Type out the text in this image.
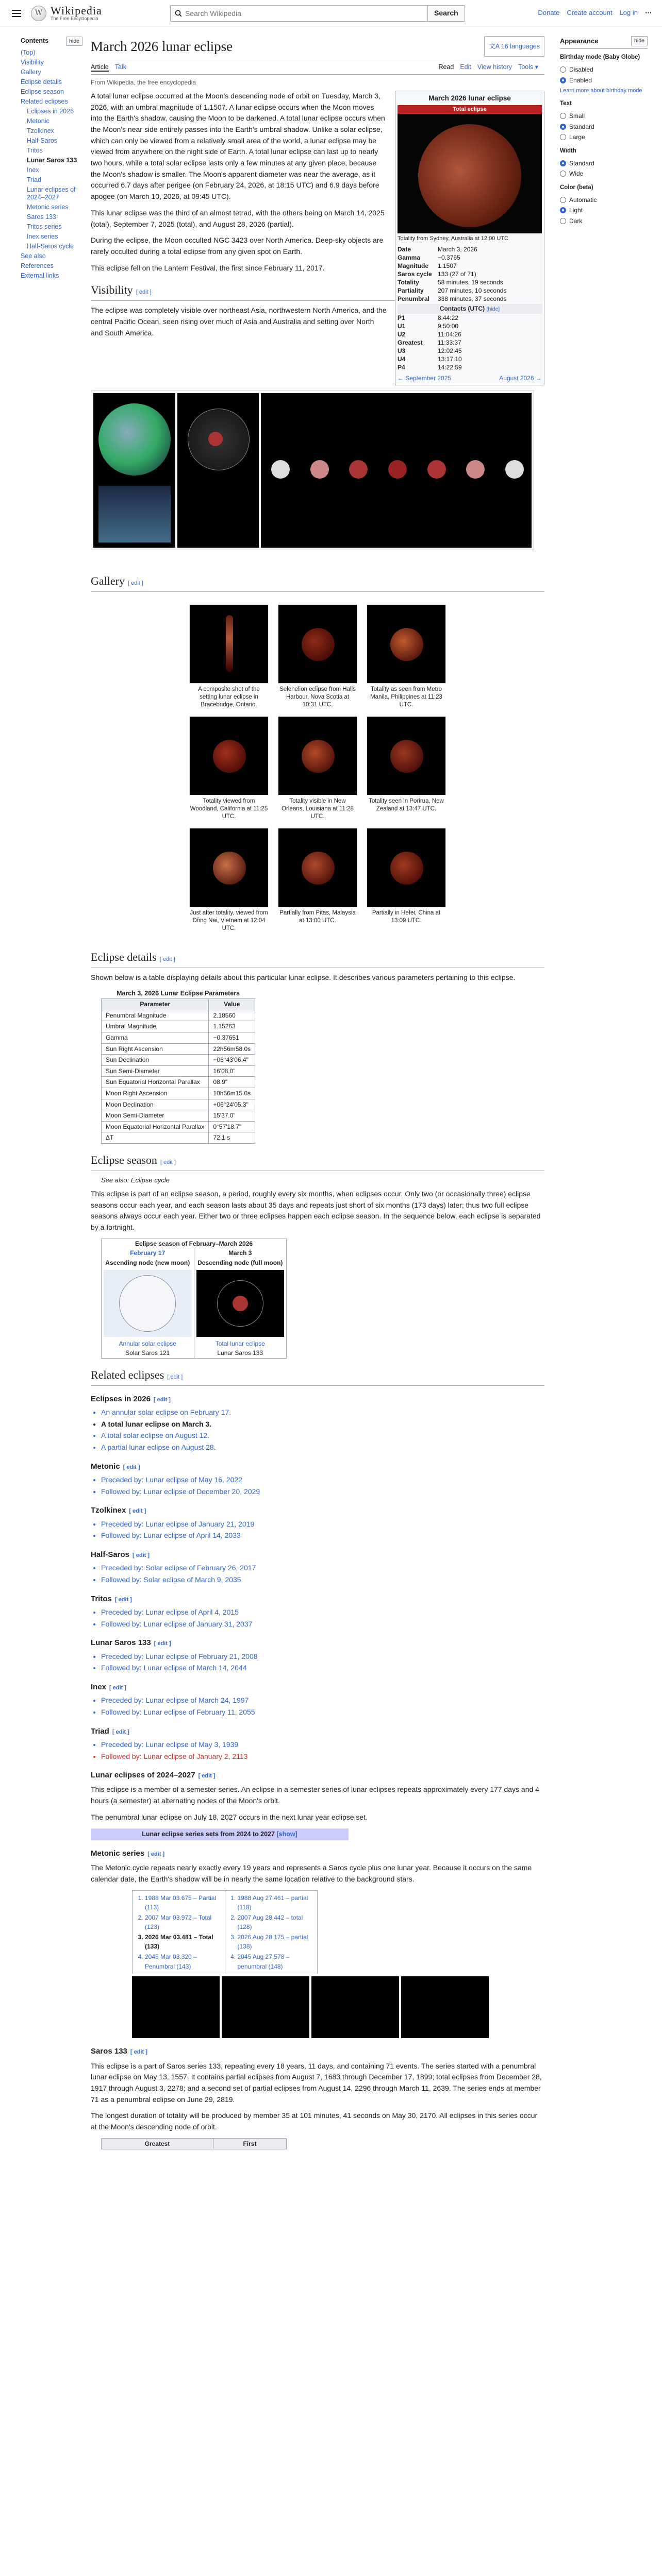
W Wikipedia
The Free Encyclopedia
Search Wikipedia
Search	Donate Create account Log in ⋯
Contents	hide
(Top)
Visibility
Gallery
Eclipse details
Eclipse season
Related eclipses
Eclipses in 2026
Metonic
Tzolkinex
Half-Saros
Tritos
Lunar Saros 133
Inex
Triad
Lunar eclipses of 2024–2027
Metonic series
Saros 133
Tritos series
Inex series
Half-Saros cycle
See also
References
External links
Appearance	hide
Birthday mode (Baby Globe)
Disabled
Enabled
Learn more about birthday mode
Text
Small
Standard
Large
Width
Standard
Wide
Color (beta)
Automatic
Light
Dark
March 2026 lunar eclipse	文A 16 languages
Article Talk	Read Edit View history Tools ▾
From Wikipedia, the free encyclopedia
March 2026 lunar eclipse
Total eclipse
Totality from Sydney, Australia at 12:00 UTC
Date	March 3, 2026
Gamma	−0.3765
Magnitude	1.1507
Saros cycle 133 (27 of 71)
Totality	58 minutes, 19 seconds
Partiality	207 minutes, 10 seconds
Penumbral	338 minutes, 37 seconds
Contacts (UTC) [hide]
P1	8:44:22
U1	9:50:00
U2	11:04:26
Greatest	11:33:37
U3	12:02:45
U4	13:17:10
P4	14:22:59
← September 2025	August 2026 →

A total lunar eclipse occurred at the Moon's descending node of orbit on Tuesday, March 3, 2026, with an umbral magnitude of 1.1507. A lunar eclipse occurs when the Moon moves into the Earth's shadow, causing the Moon to be darkened. A total lunar eclipse occurs when the Moon's near side entirely passes into the Earth's umbral shadow. Unlike a solar eclipse, which can only be viewed from a relatively small area of the world, a lunar eclipse may be viewed from anywhere on the night side of Earth. A total lunar eclipse can last up to nearly two hours, while a total solar eclipse lasts only a few minutes at any given place, because the Moon's shadow is smaller. The Moon's apparent diameter was near the average, as it occurred 6.7 days after perigee (on February 24, 2026, at 18:15 UTC) and 6.9 days before apogee (on March 10, 2026, at 09:45 UTC).

This lunar eclipse was the third of an almost tetrad, with the others being on March 14, 2025 (total), September 7, 2025 (total), and August 28, 2026 (partial).

During the eclipse, the Moon occulted NGC 3423 over North America. Deep-sky objects are rarely occulted during a total eclipse from any given spot on Earth.

This eclipse fell on the Lantern Festival, the first since February 11, 2017.

Visibility [ edit ]

The eclipse was completely visible over northeast Asia, northwestern North America, and the central Pacific Ocean, seen rising over much of Asia and Australia and setting over North and South America.

Gallery [ edit ]
A composite shot of the setting lunar eclipse in Bracebridge, Ontario.
Selenelion eclipse from Halls Harbour, Nova Scotia at 10:31 UTC.
Totality as seen from Metro Manila, Philippines at 11:23 UTC.
Totality viewed from Woodland, California at 11:25 UTC.
Totality visible in New Orleans, Louisiana at 11:28 UTC.
Totality seen in Porirua, New Zealand at 13:47 UTC.
Just after totality, viewed from Đồng Nai, Vietnam at 12:04 UTC.
Partially from Pitas, Malaysia at 13:00 UTC.
Partially in Hefei, China at 13:09 UTC.
Eclipse details [ edit ]

Shown below is a table displaying details about this particular lunar eclipse. It describes various parameters pertaining to this eclipse.

March 3, 2026 Lunar Eclipse Parameters
Parameter	Value
Penumbral Magnitude	2.18560
Umbral Magnitude	1.15263
Gamma	−0.37651
Sun Right Ascension	22h56m58.0s
Sun Declination	−06°43'06.4"
Sun Semi-Diameter	16'08.0"
Sun Equatorial Horizontal Parallax	08.9"
Moon Right Ascension	10h56m15.0s
Moon Declination	+06°24'05.3"
Moon Semi-Diameter	15'37.0"
Moon Equatorial Horizontal Parallax	0°57'18.7"
ΔT	72.1 s
Eclipse season [ edit ]
See also: Eclipse cycle

This eclipse is part of an eclipse season, a period, roughly every six months, when eclipses occur. Only two (or occasionally three) eclipse seasons occur each year, and each season lasts about 35 days and repeats just short of six months (173 days) later; thus two full eclipse seasons always occur each year. Either two or three eclipses happen each eclipse season. In the sequence below, each eclipse is separated by a fortnight.

Eclipse season of February–March 2026
February 17
Ascending node (new moon)
Annular solar eclipse
Solar Saros 121
March 3
Descending node (full moon)
Total lunar eclipse
Lunar Saros 133
Related eclipses [ edit ]
Eclipses in 2026 [ edit ]
• An annular solar eclipse on February 17.
• A total lunar eclipse on March 3.
• A total solar eclipse on August 12.
• A partial lunar eclipse on August 28.
Metonic [ edit ]
• Preceded by: Lunar eclipse of May 16, 2022
• Followed by: Lunar eclipse of December 20, 2029
Tzolkinex [ edit ]
• Preceded by: Lunar eclipse of January 21, 2019
• Followed by: Lunar eclipse of April 14, 2033
Half-Saros [ edit ]
• Preceded by: Solar eclipse of February 26, 2017
• Followed by: Solar eclipse of March 9, 2035
Tritos [ edit ]
• Preceded by: Lunar eclipse of April 4, 2015
• Followed by: Lunar eclipse of January 31, 2037
Lunar Saros 133 [ edit ]
• Preceded by: Lunar eclipse of February 21, 2008
• Followed by: Lunar eclipse of March 14, 2044
Inex [ edit ]
• Preceded by: Lunar eclipse of March 24, 1997
• Followed by: Lunar eclipse of February 11, 2055
Triad [ edit ]
• Preceded by: Lunar eclipse of May 3, 1939
• Followed by: Lunar eclipse of January 2, 2113
Lunar eclipses of 2024–2027 [ edit ]

This eclipse is a member of a semester series. An eclipse in a semester series of lunar eclipses repeats approximately every 177 days and 4 hours (a semester) at alternating nodes of the Moon's orbit.

The penumbral lunar eclipse on July 18, 2027 occurs in the next lunar year eclipse set.

Lunar eclipse series sets from 2024 to 2027 [show]
Metonic series [ edit ]

The Metonic cycle repeats nearly exactly every 19 years and represents a Saros cycle plus one lunar year. Because it occurs on the same calendar date, the Earth's shadow will be in nearly the same location relative to the background stars.

1. 1988 Mar 03.675 – Partial (113)
2. 2007 Mar 03.972 – Total (123)
3. 2026 Mar 03.481 – Total (133)
4. 2045 Mar 03.320 – Penumbral (143)
1. 1988 Aug 27.461 – partial (118)
2. 2007 Aug 28.442 – total (128)
3. 2026 Aug 28.175 – partial (138)
4. 2045 Aug 27.578 – penumbral (148)
Saros 133 [ edit ]

This eclipse is a part of Saros series 133, repeating every 18 years, 11 days, and containing 71 events. The series started with a penumbral lunar eclipse on May 13, 1557. It contains partial eclipses from August 7, 1683 through December 17, 1899; total eclipses from December 28, 1917 through August 3, 2278; and a second set of partial eclipses from August 14, 2296 through March 11, 2639. The series ends at member 71 as a penumbral eclipse on June 29, 2819.

The longest duration of totality will be produced by member 35 at 101 minutes, 41 seconds on May 30, 2170. All eclipses in this series occur at the Moon's descending node of orbit.

Greatest	First
